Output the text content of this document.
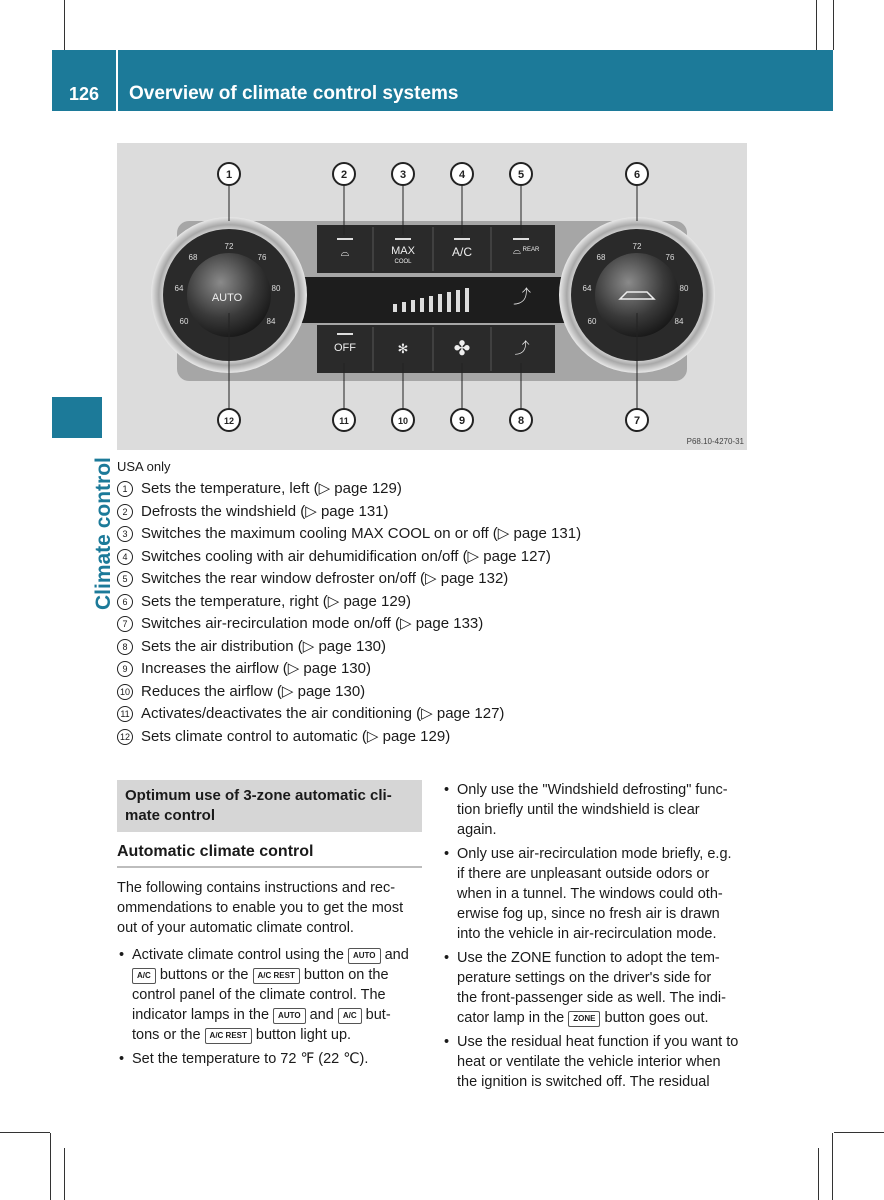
126	Overview of climate control systems
Climate control
⌓	MAX
COOL
A/C	⌓ REAR
⤴
OFF	✻ ✤	⤴
72
76
80
84
60
64
68
AUTO
72
76
80
84
60
64
68
1	2	3	4	5	6
7
8
9
10
11
12
P68.10-4270-31
USA only
1 Sets the temperature, left (▷ page 129)
2 Defrosts the windshield (▷ page 131)
3 Switches the maximum cooling MAX COOL on or off (▷ page 131)
4 Switches cooling with air dehumidification on/off (▷ page 127)
5 Switches the rear window defroster on/off (▷ page 132)
6 Sets the temperature, right (▷ page 129)
7 Switches air-recirculation mode on/off (▷ page 133)
8 Sets the air distribution (▷ page 130)
9 Increases the airflow (▷ page 130)
10 Reduces the airflow (▷ page 130)
11 Activates/deactivates the air conditioning (▷ page 127)
12 Sets climate control to automatic (▷ page 129)
Optimum use of 3-zone automatic cli-
mate control
Automatic climate control
The following contains instructions and rec-
ommendations to enable you to get the most
out of your automatic climate control.
• Activate climate control using the AUTO and
A/C buttons or the A/C REST button on the
control panel of the climate control. The
indicator lamps in the AUTO and A/C but-
tons or the A/C REST button light up.
• Set the temperature to 72 ℉ (22 ℃).
• Only use the "Windshield defrosting" func-
tion briefly until the windshield is clear
again.
• Only use air-recirculation mode briefly, e.g.
if there are unpleasant outside odors or
when in a tunnel. The windows could oth-
erwise fog up, since no fresh air is drawn
into the vehicle in air-recirculation mode.
• Use the ZONE function to adopt the tem-
perature settings on the driver's side for
the front-passenger side as well. The indi-
cator lamp in the ZONE button goes out.
• Use the residual heat function if you want to
heat or ventilate the vehicle interior when
the ignition is switched off. The residual
